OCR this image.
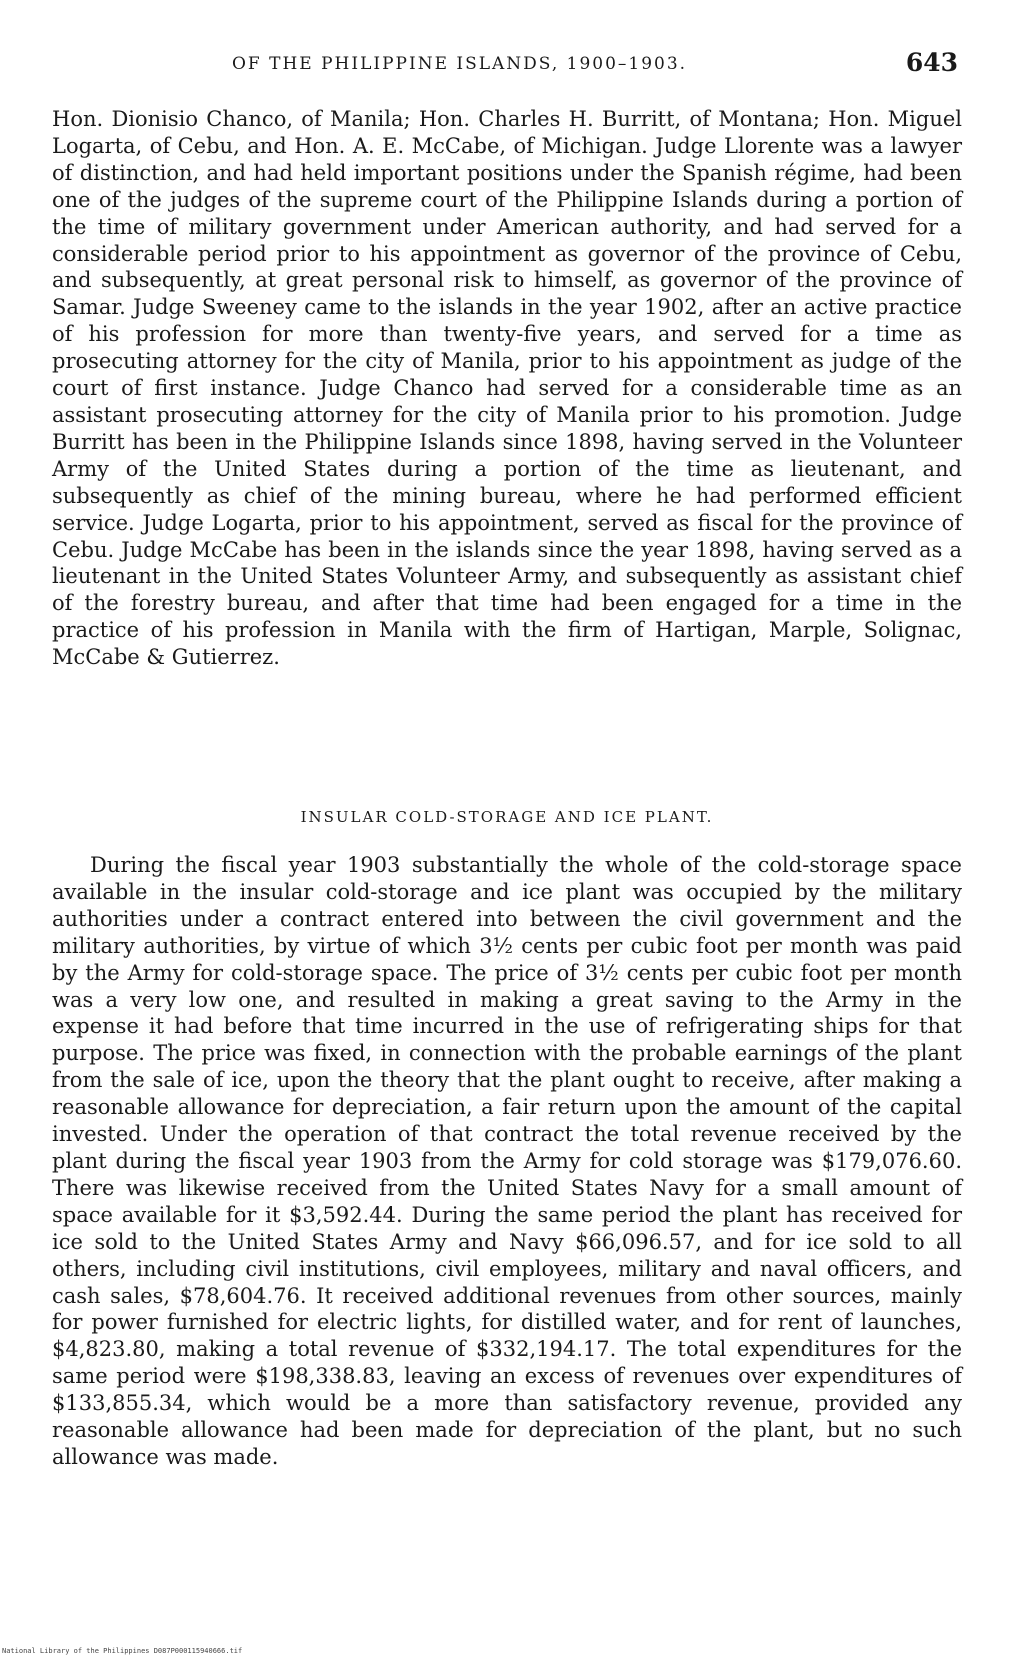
OF THE PHILIPPINE ISLANDS, 1900–1903.	643

Hon. Dionisio Chanco, of Manila; Hon. Charles H. Burritt, of Montana; Hon. Miguel Logarta, of Cebu, and Hon. A. E. McCabe, of Michigan. Judge Llorente was a lawyer of distinction, and had held important positions under the Spanish régime, had been one of the judges of the supreme court of the Philippine Islands during a portion of the time of military government under American authority, and had served for a considerable period prior to his appointment as governor of the province of Cebu, and subsequently, at great personal risk to himself, as governor of the province of Samar. Judge Sweeney came to the islands in the year 1902, after an active practice of his profession for more than twenty-five years, and served for a time as prosecuting attorney for the city of Manila, prior to his appointment as judge of the court of first instance. Judge Chanco had served for a considerable time as an assistant prosecuting attorney for the city of Manila prior to his promotion. Judge Burritt has been in the Philippine Islands since 1898, having served in the Volunteer Army of the United States during a portion of the time as lieutenant, and subsequently as chief of the mining bureau, where he had performed efficient service. Judge Logarta, prior to his appointment, served as fiscal for the province of Cebu. Judge McCabe has been in the islands since the year 1898, having served as a lieutenant in the United States Volunteer Army, and subsequently as assistant chief of the forestry bureau, and after that time had been engaged for a time in the practice of his profession in Manila with the firm of Hartigan, Marple, Solignac, McCabe & Gutierrez.

INSULAR COLD-STORAGE AND ICE PLANT.

During the fiscal year 1903 substantially the whole of the cold-storage space available in the insular cold-storage and ice plant was occupied by the military authorities under a contract entered into between the civil government and the military authorities, by virtue of which 3½ cents per cubic foot per month was paid by the Army for cold-storage space. The price of 3½ cents per cubic foot per month was a very low one, and resulted in making a great saving to the Army in the expense it had before that time incurred in the use of refrigerating ships for that purpose. The price was fixed, in connection with the probable earnings of the plant from the sale of ice, upon the theory that the plant ought to receive, after making a reasonable allowance for depreciation, a fair return upon the amount of the capital invested. Under the operation of that contract the total revenue received by the plant during the fiscal year 1903 from the Army for cold storage was $179,076.60. There was likewise received from the United States Navy for a small amount of space available for it $3,592.44. During the same period the plant has received for ice sold to the United States Army and Navy $66,096.57, and for ice sold to all others, including civil institutions, civil employees, military and naval officers, and cash sales, $78,604.76. It received additional revenues from other sources, mainly for power furnished for electric lights, for distilled water, and for rent of launches, $4,823.80, making a total revenue of $332,194.17. The total expenditures for the same period were $198,338.83, leaving an excess of revenues over expenditures of $133,855.34, which would be a more than satisfactory revenue, provided any reasonable allowance had been made for depreciation of the plant, but no such allowance was made.

National Library of the Philippines D087P000115940666.tif
